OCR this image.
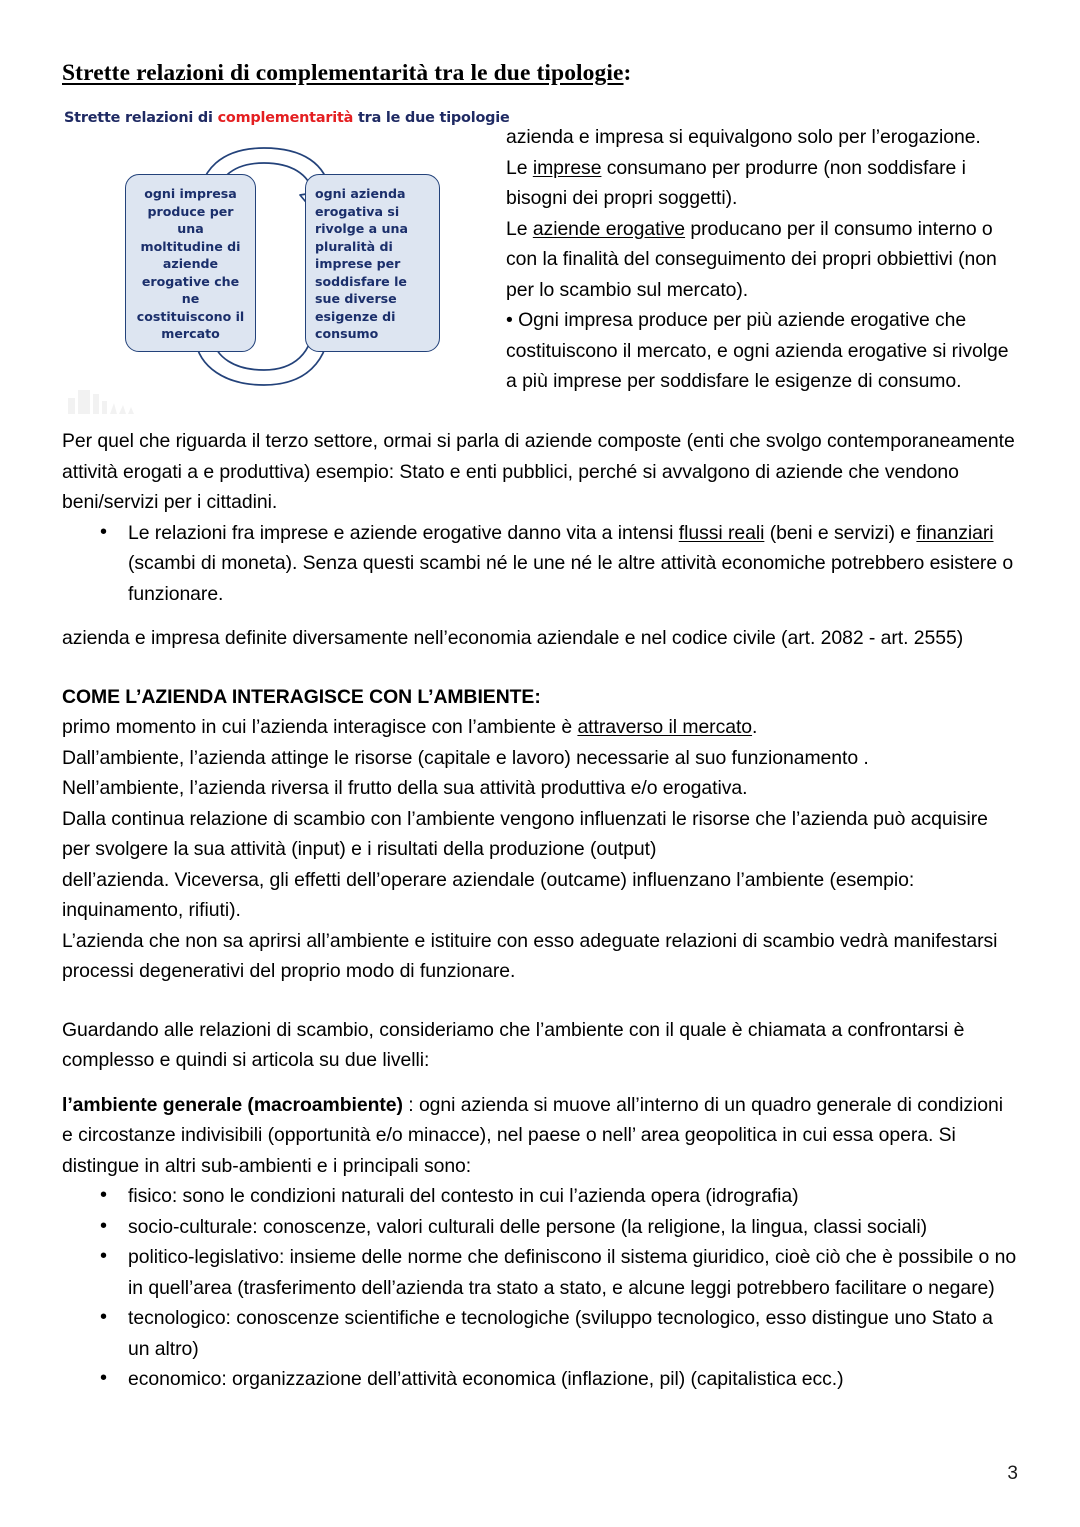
Strette relazioni di complementarità tra le due tipologie:
Strette relazioni di complementarità tra le due tipologie
ogni impresa produce per una moltitudine di aziende erogative che ne costituiscono il mercato
ogni azienda erogativa si rivolge a una pluralità di imprese per soddisfare le sue diverse esigenze di consumo
azienda e impresa si equivalgono solo per l’erogazione.
Le imprese consumano per produrre (non soddisfare i bisogni dei propri soggetti).
Le aziende erogative producano per il consumo interno o con la finalità del conseguimento dei propri obbiettivi (non per lo scambio sul mercato).
• Ogni impresa produce per più aziende erogative che costituiscono il mercato, e ogni azienda erogative si rivolge a più imprese per soddisfare le esigenze di consumo.

Per quel che riguarda il terzo settore, ormai si parla di aziende composte (enti che svolgo contemporaneamente attività erogati a e produttiva) esempio: Stato e enti pubblici, perché si avvalgono di aziende che vendono beni/servizi per i cittadini.

• Le relazioni fra imprese e aziende erogative danno vita a intensi flussi reali (beni e servizi) e finanziari (scambi di moneta). Senza questi scambi né le une né le altre attività economiche potrebbero esistere o funzionare.

azienda e impresa definite diversamente nell’economia aziendale e nel codice civile (art. 2082 - art. 2555)

COME L’AZIENDA INTERAGISCE CON L’AMBIENTE:

primo momento in cui l’azienda interagisce con l’ambiente è attraverso il mercato.

Dall’ambiente, l’azienda attinge le risorse (capitale e lavoro) necessarie al suo funzionamento .

Nell’ambiente, l’azienda riversa il frutto della sua attività produttiva e/o erogativa.

Dalla continua relazione di scambio con l’ambiente vengono influenzati le risorse che l’azienda può acquisire per svolgere la sua attività (input) e i risultati della produzione (output)

dell’azienda. Viceversa, gli effetti dell’operare aziendale (outcame) influenzano l’ambiente (esempio: inquinamento, rifiuti).

L’azienda che non sa aprirsi all’ambiente e istituire con esso adeguate relazioni di scambio vedrà manifestarsi processi degenerativi del proprio modo di funzionare.

Guardando alle relazioni di scambio, consideriamo che l’ambiente con il quale è chiamata a confrontarsi è complesso e quindi si articola su due livelli:

l’ambiente generale (macroambiente) : ogni azienda si muove all’interno di un quadro generale di condizioni e circostanze indivisibili (opportunità e/o minacce), nel paese o nell’ area geopolitica in cui essa opera. Si distingue in altri sub-ambienti e i principali sono:

• fisico: sono le condizioni naturali del contesto in cui l’azienda opera (idrografia)
• socio-culturale: conoscenze, valori culturali delle persone (la religione, la lingua, classi sociali)
• politico-legislativo: insieme delle norme che definiscono il sistema giuridico, cioè ciò che è possibile o no in quell’area (trasferimento dell’azienda tra stato a stato, e alcune leggi potrebbero facilitare o negare)
• tecnologico: conoscenze scientifiche e tecnologiche (sviluppo tecnologico, esso distingue uno Stato a un altro)
• economico: organizzazione dell’attività economica (inflazione, pil) (capitalistica ecc.)
3
